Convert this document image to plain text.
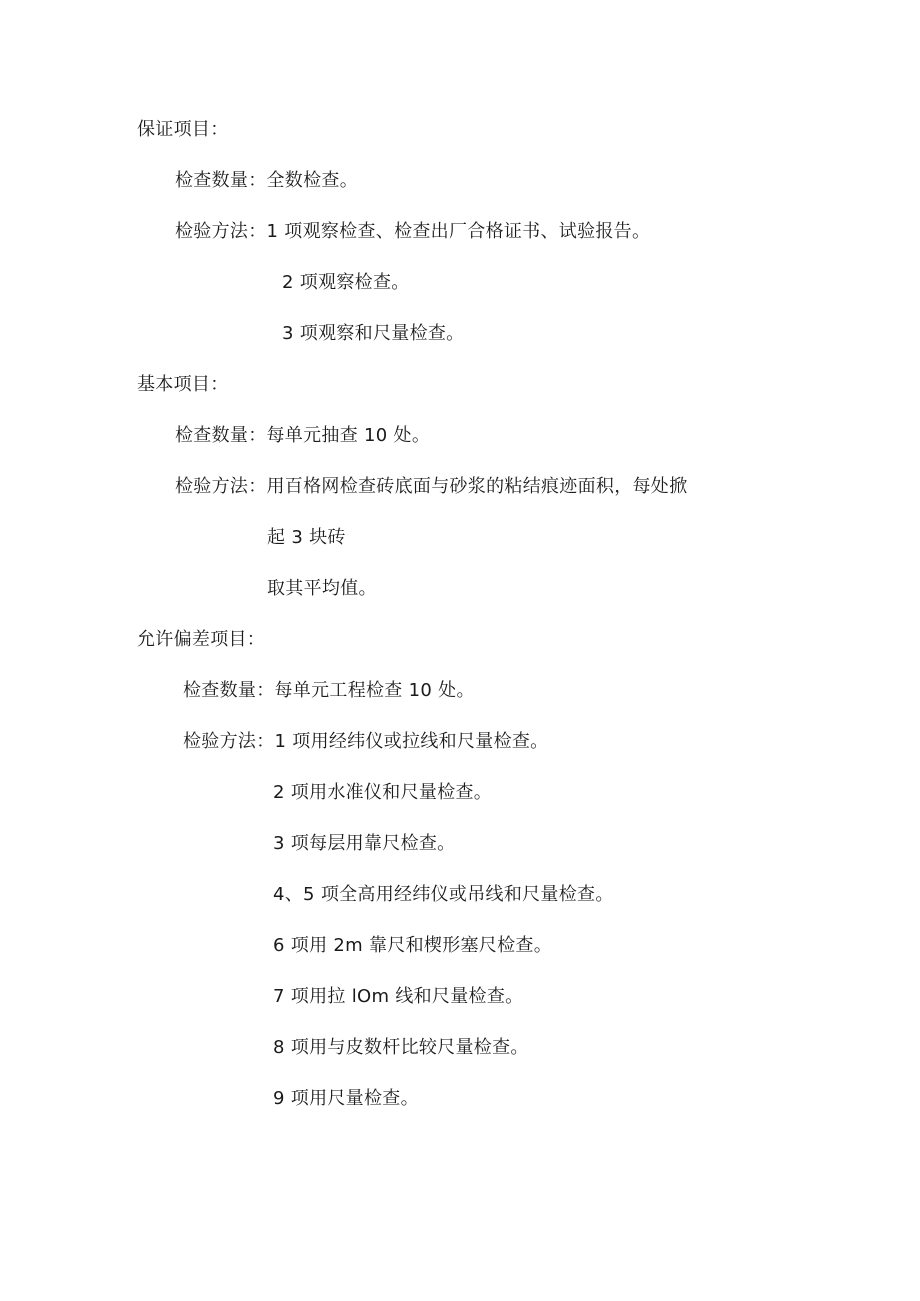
保证项目：
检查数量：全数检查。
检验方法：1 项观察检查、检查出厂合格证书、试验报告。
2 项观察检查。
3 项观察和尺量检查。
基本项目：
检查数量：每单元抽查 10 处。
检验方法：用百格网检查砖底面与砂浆的粘结痕迹面积，每处掀
起 3 块砖
取其平均值。
允许偏差项目：
检查数量：每单元工程检查 10 处。
检验方法：1 项用经纬仪或拉线和尺量检查。
2 项用水准仪和尺量检查。
3 项每层用靠尺检查。
4、5 项全高用经纬仪或吊线和尺量检查。
6 项用 2m 靠尺和楔形塞尺检查。
7 项用拉 lOm 线和尺量检查。
8 项用与皮数杆比较尺量检查。
9 项用尺量检查。
